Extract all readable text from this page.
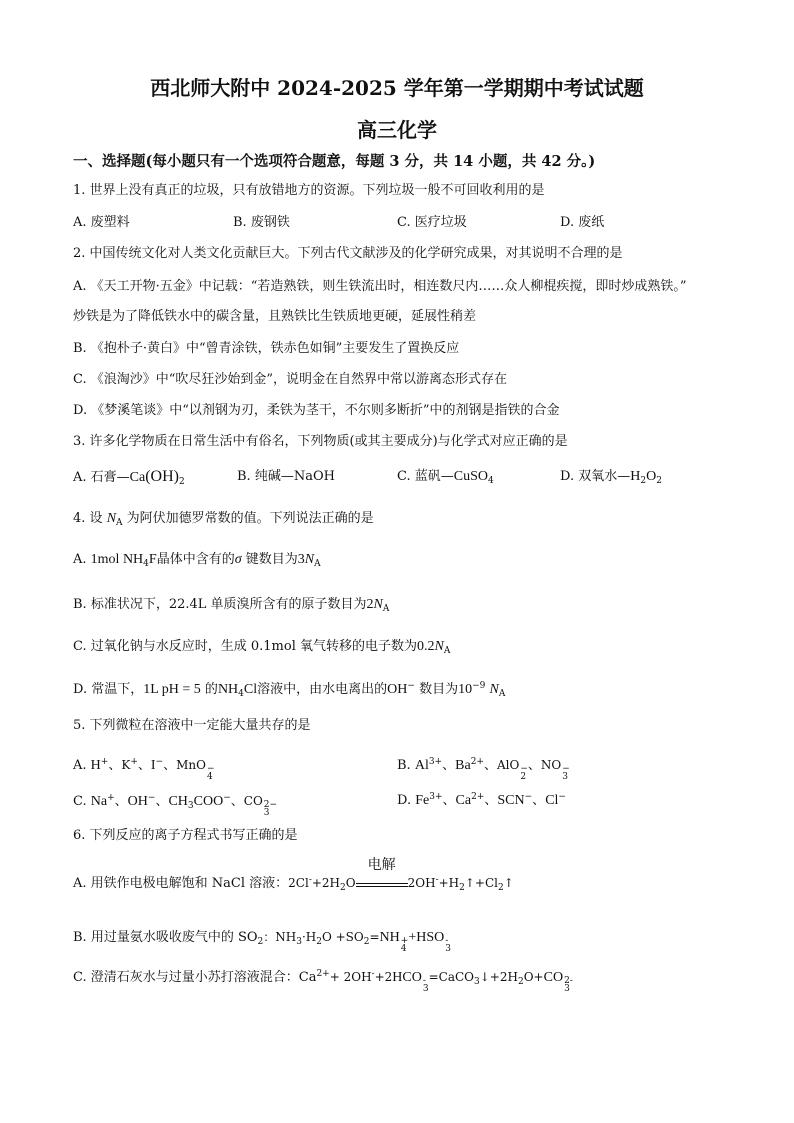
西北师大附中 2024-2025 学年第一学期期中考试试题
高三化学
一、选择题(每小题只有一个选项符合题意，每题 3 分，共 14 小题，共 42 分。)
1. 世界上没有真正的垃圾，只有放错地方的资源。下列垃圾一般不可回收利用的是
A. 废塑料	B. 废钢铁	C. 医疗垃圾	D. 废纸
2. 中国传统文化对人类文化贡献巨大。下列古代文献涉及的化学研究成果，对其说明不合理的是
A. 《天工开物·五金》中记载：“若造熟铁，则生铁流出时，相连数尺内……众人柳棍疾搅，即时炒成熟铁。”
炒铁是为了降低铁水中的碳含量，且熟铁比生铁质地更硬，延展性稍差
B. 《抱朴子·黄白》中“曾青涂铁，铁赤色如铜”主要发生了置换反应
C. 《浪淘沙》中“吹尽狂沙始到金”，说明金在自然界中常以游离态形式存在
D. 《梦溪笔谈》中“以剂钢为刃，柔铁为茎干，不尔则多断折”中的剂钢是指铁的合金
3. 许多化学物质在日常生活中有俗名，下列物质(或其主要成分)与化学式对应正确的是
A. 石膏$—Ca(OH)_2$	B. 纯碱—NaOH	C. 蓝矾—CuSO$_4$	D. 双氧水$—H_2O_2$
4. 设 $N_A$ 为阿伏加德罗常数的值。下列说法正确的是
A. 1mol $NH_4F$晶体中含有的σ 键数目为$3N_A$
B. 标准状况下，22.4L 单质溴所含有的原子数目为$2N_A$
C. 过氧化钠与水反应时，生成 0.1mol 氧气转移的电子数为$0.2N_A$
D. 常温下，1L pH = 5 的$NH_4Cl$溶液中，由水电离出的OH− 数目为$10^{-9}$ $N_A$
5. 下列微粒在溶液中一定能大量共存的是
A. H+、K+、I−、MnO −
4
B. $Al^{3+}$、$Ba^{2+}$、AlO −
2
、NO −
3
C. Na+、OH−、$CH_3COO^-$、CO 2−
3
D. $Fe^{3+}$、$Ca^{2+}$、SCN−、Cl−
6. 下列反应的离子方程式书写正确的是
A. 用铁作电极电解饱和 NaCl 溶液：$2Cl^-+2H_2O$
电解
$2OH^-+H_2↑+Cl_2↑$
B. 用过量氨水吸收废气中的 $SO_2$：$NH_3\cdot H_2O +SO_2=NH$ +
4
+HSO -
3
C. 澄清石灰水与过量小苏打溶液混合：$Ca^{2+}+ 2OH^-+2HCO$ -
3
$=CaCO_3↓+2H_2O+CO$ 2-
3
